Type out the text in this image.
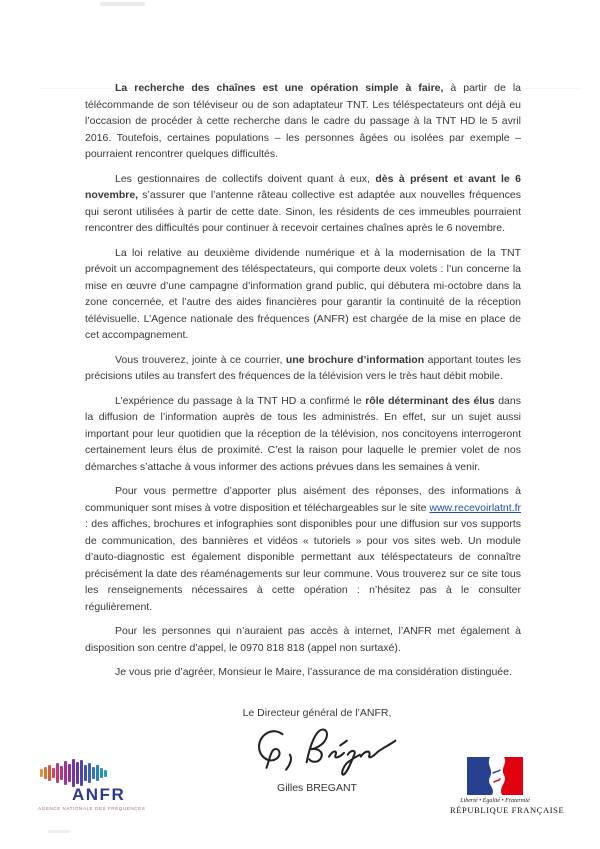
La recherche des chaînes est une opération simple à faire, à partir de la télécommande de son téléviseur ou de son adaptateur TNT. Les téléspectateurs ont déjà eu l’occasion de procéder à cette recherche dans le cadre du passage à la TNT HD le 5 avril 2016. Toutefois, certaines populations – les personnes âgées ou isolées par exemple – pourraient rencontrer quelques difficultés.

Les gestionnaires de collectifs doivent quant à eux, dès à présent et avant le 6 novembre, s’assurer que l’antenne râteau collective est adaptée aux nouvelles fréquences qui seront utilisées à partir de cette date. Sinon, les résidents de ces immeubles pourraient rencontrer des difficultés pour continuer à recevoir certaines chaînes après le 6 novembre.

La loi relative au deuxième dividende numérique et à la modernisation de la TNT prévoit un accompagnement des téléspectateurs, qui comporte deux volets : l’un concerne la mise en œuvre d’une campagne d’information grand public, qui débutera mi-octobre dans la zone concernée, et l’autre des aides financières pour garantir la continuité de la réception télévisuelle. L’Agence nationale des fréquences (ANFR) est chargée de la mise en place de cet accompagnement.

Vous trouverez, jointe à ce courrier, une brochure d’information apportant toutes les précisions utiles au transfert des fréquences de la télévision vers le très haut débit mobile.

L’expérience du passage à la TNT HD a confirmé le rôle déterminant des élus dans la diffusion de l’information auprès de tous les administrés. En effet, sur un sujet aussi important pour leur quotidien que la réception de la télévision, nos concitoyens interrogeront certainement leurs élus de proximité. C’est la raison pour laquelle le premier volet de nos démarches s’attache à vous informer des actions prévues dans les semaines à venir.

Pour vous permettre d’apporter plus aisément des réponses, des informations à communiquer sont mises à votre disposition et téléchargeables sur le site www.recevoirlatnt.fr : des affiches, brochures et infographies sont disponibles pour une diffusion sur vos supports de communication, des bannières et vidéos « tutoriels » pour vos sites web. Un module d’auto-diagnostic est également disponible permettant aux téléspectateurs de connaître précisément la date des réaménagements sur leur commune. Vous trouverez sur ce site tous les renseignements nécessaires à cette opération : n’hésitez pas à le consulter régulièrement.

Pour les personnes qui n’auraient pas accès à internet, l’ANFR met également à disposition son centre d’appel, le 0970 818 818 (appel non surtaxé).

Je vous prie d’agréer, Monsieur le Maire, l’assurance de ma considération distinguée.

Le Directeur général de l’ANFR,
Gilles BREGANT
ANFR
AGENCE NATIONALE DES FRÉQUENCES
Liberté • Égalité • Fraternité
RÉPUBLIQUE FRANÇAISE
